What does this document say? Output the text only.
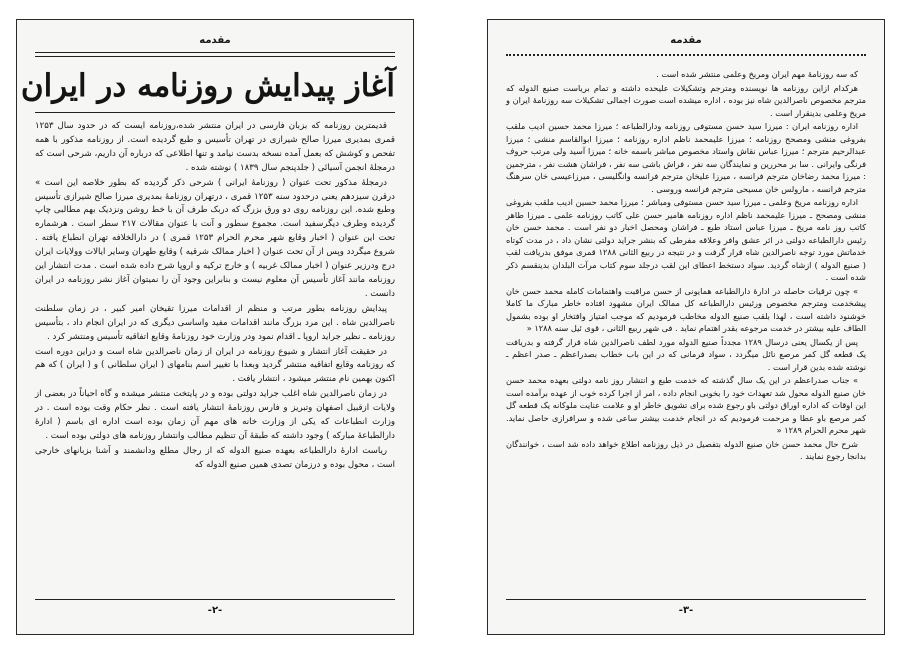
مقدمه
آغاز پیدایش روزنامه در ایران

قدیمترین روزنامه که بزبان فارسی در ایران منتشر شده،روزنامه ایست که در حدود سال ۱۲۵۳ قمری بمدیری میرزا صالح شیرازی در تهران تأسیس و طبع گردیده است. از روزنامه مذکور با همه تفحص و کوشش که بعمل آمده نسخه بدست نیامد و تنها اطلاعی که درباره آن داریم، شرحی است که درمجلهٔ انجمن آسیائی ( جلدپنجم سال ۱۸۳۹ ) نوشته شده .

درمجلهٔ مذکور تحت عنوان ( روزنامهٔ ایرانی ) شرحی ذکر گردیده که بطور خلاصه این است » درقرن سیزدهم یعنی درحدود سنه ۱۲۵۳ قمری ، درتهران روزنامهٔ بمدیری میرزا صالح شیرازی تأسیس وطبع شده. این روزنامه روی دو ورق بزرگ که دربک طرف آن با خط روشن ونزدیک بهم مطالبی چاپ گردیده وطرف دیگرسفید است. مجموع سطور و آنت با عنوان مقالات ۲۱۷ سطر است . هرشماره تحت این عنوان ( اخبار وقایع شهر محرم الحرام ۱۲۵۳ قمری ) در دارالخلافه تهران انطباع یافته . شروع میگردد وپس از آن تحت عنوان ( اخبار ممالک شرقیه ) وقایع طهران وسایر ایالات وولایات ایران درج ودرزیر عنوان ( اخبار ممالک غربیه ) و خارج ترکیه و اروپا شرح داده شده است . مدت انتشار این روزنامه مانند آغاز تأسیس آن معلوم نیست و بنابراین وجود آن را نمیتوان آغاز نشر روزنامه در ایران دانست .

پیدایش روزنامه بطور مرتب و منظم از اقدامات میرزا تقیخان امیر کبیر ، در زمان سلطنت ناصرالدین شاه . این مرد بزرگ مانند اقدامات مفید واساسی دیگری که در ایران انجام داد ، بتأسیس روزنامه ـ نظیر جراید اروپا ـ اقدام نمود ودر وزارت خود روزنامهٔ وقایع اتفاقیه تأسیس ومنتشر کرد .

در حقیقت آغاز انتشار و شیوع روزنامه در ایران از زمان ناصرالدین شاه است و دراین دوره است که روزنامه وقایع اتفاقیه منتشر گردید وبعدا با تغییر اسم بنامهای ( ایران سلطانی ) و ( ایران ) که هم اکنون بهمین نام منتشر میشود ، انتشار یافت .

در زمان ناصرالدین شاه اغلب جراید دولتی بوده و در پایتخت منتشر میشده و گاه احیاناً در بعضی از ولایات ازقبیل اصفهان وتبریز و فارس روزنامهٔ انتشار یافته است . نظر حکام وقت بوده است . در وزارت انطباعات که یکی از وزارت خانه های مهم آن زمان بوده است اداره ای باسم ( ادارهٔ دارالطباعهٔ مبارکه ) وجود داشته که طبقهٔ آن تنظیم مطالب وانتشار روزنامه های دولتی بوده است .

ریاست ادارهٔ دارالطباعه بعهده صنیع الدوله که از رجال مطلع ودانشمند و آشنا بزبانهای خارجی است ، محول بوده و درزمان تصدی همین صنیع الدوله که

-۲-
مقدمه

که سه روزنامهٔ مهم ایران ومریخ وعلمی منتشر شده است .

هرکدام ازاین روزنامه ها نویسنده ومترجم وتشکیلات علیحده داشته و تمام بریاست صنیع الدوله که مترجم مخصوص ناصرالدین شاه نیز بوده ، اداره میشده است صورت اجمالی تشکیلات سه روزنامهٔ ایران و مریخ وعلمی بدینقرار است .

اداره روزنامه ایران : میرزا سید حسن مستوفی روزنامه ودارالطباعه ؛ میرزا محمد حسین ادیب ملقب بفروغی منشی ومصحح روزنامه ؛ میرزا علیمحمد ناظم اداره روزنامه ؛ میرزا ابوالقاسم منشی ؛ میرزا عبدالرحیم مترجم ؛ میرزا عباس نقاش واستاد مخصوص مباشر باسمه خانه ؛ میرزا آسید ولی مرتب حروف فرنگی وایرانی . سا بر محررین و نمایندگان سه نفر ، فراش باشی سه نفر ، فراشان هشت نفر ، مترجمین : میرزا محمد رضاخان مترجم فرانسه ، میرزا علیخان مترجم فرانسه وانگلیسی ، میرزاعیسی خان سرهنگ مترجم فرانسه ، مارولس خان مسیحی مترجم فرانسه وروسی .

اداره روزنامه مریخ وعلمی ـ میرزا سید حسن مستوفی ومباشر ؛ میرزا محمد حسین ادیب ملقب بفروغی منشی ومصحح ـ میرزا علیمحمد ناظم اداره روزنامه هامیر حسن علی کاتب روزنامه علمی ـ میرزا طاهر کاتب روز نامه مریخ ـ میرزا عباس استاد طبع ـ فراشان ومحصل اخبار دو نفر است . محمد حسن خان رئیس دارالطباعه دولتی در اثر عشق وافر وعلاقه مفرطی که بنشر جراید دولتی نشان داد ، در مدت کوتاه خدماتش مورد توجه ناصرالدین شاه قرار گرفت و در نتیجه در ربیع الثانی ۱۲۸۸ قمری موفق بدریافت لقب ( صنیع الدوله ) ازشاه گردید. سواد دستخط اعطای این لقب درجلد سوم کتاب مرآت البلدان بدینقسم ذکر شده است .

» چون ترقیات حاصله در ادارهٔ دارالطباعه همایونی از حسن مراقبت واهتمامات کامله محمد حسن خان پیشخدمت ومترجم مخصوص ورئیس دارالطباعه کل ممالک ایران مشهود افتاده خاطر مبارک ما کاملا خوشنود داشته است ، لهذا بلقب صنیع الدوله مخاطب فرمودیم که موجب امتیاز وافتخار او بوده بشمول الطاف علیه بیشتر در خدمت مرجوعه بقدر اهتمام نماید . فی شهر ربیع الثانی ، قوی ئیل سنه ۱۲۸۸ «

پس از یکسال یعنی درسال ۱۲۸۹ مجدداً صنیع الدوله مورد لطف ناصرالدین شاه قرار گرفته و بدریافت یک قطعه گل کمر مرصع نائل میگردد ، سواد فرمانی که در این باب خطاب بصدراعظم ـ صدر اعظم ـ نوشته شده بدین قرار است .

» جناب صدراعظم در این یک سال گذشته که خدمت طبع و انتشار روز نامه دولتی بعهده محمد حسن خان صنیع الدوله محول شد تعهدات خود را بخوبی انجام داده ، امر از اجرا کرده خوب از عهده برآمده است این اوقات که اداره اوراق دولتی باو رجوع شده برای تشویق خاطر او و علامت عنایت ملوکانه یک قطعه گل کمر مرصع باو عطا و مرحمت فرمودیم که در انجام خدمت بیشتر ساعی شده و سرافرازی حاصل نماید. شهر محرم الحرام ۱۲۸۹ «

شرح حال محمد حسن خان صنیع الدوله بتفصیل در ذیل روزنامه اطلاع خواهد داده شد است ، خوانندگان بدانجا رجوع نمایند .

-۳-
